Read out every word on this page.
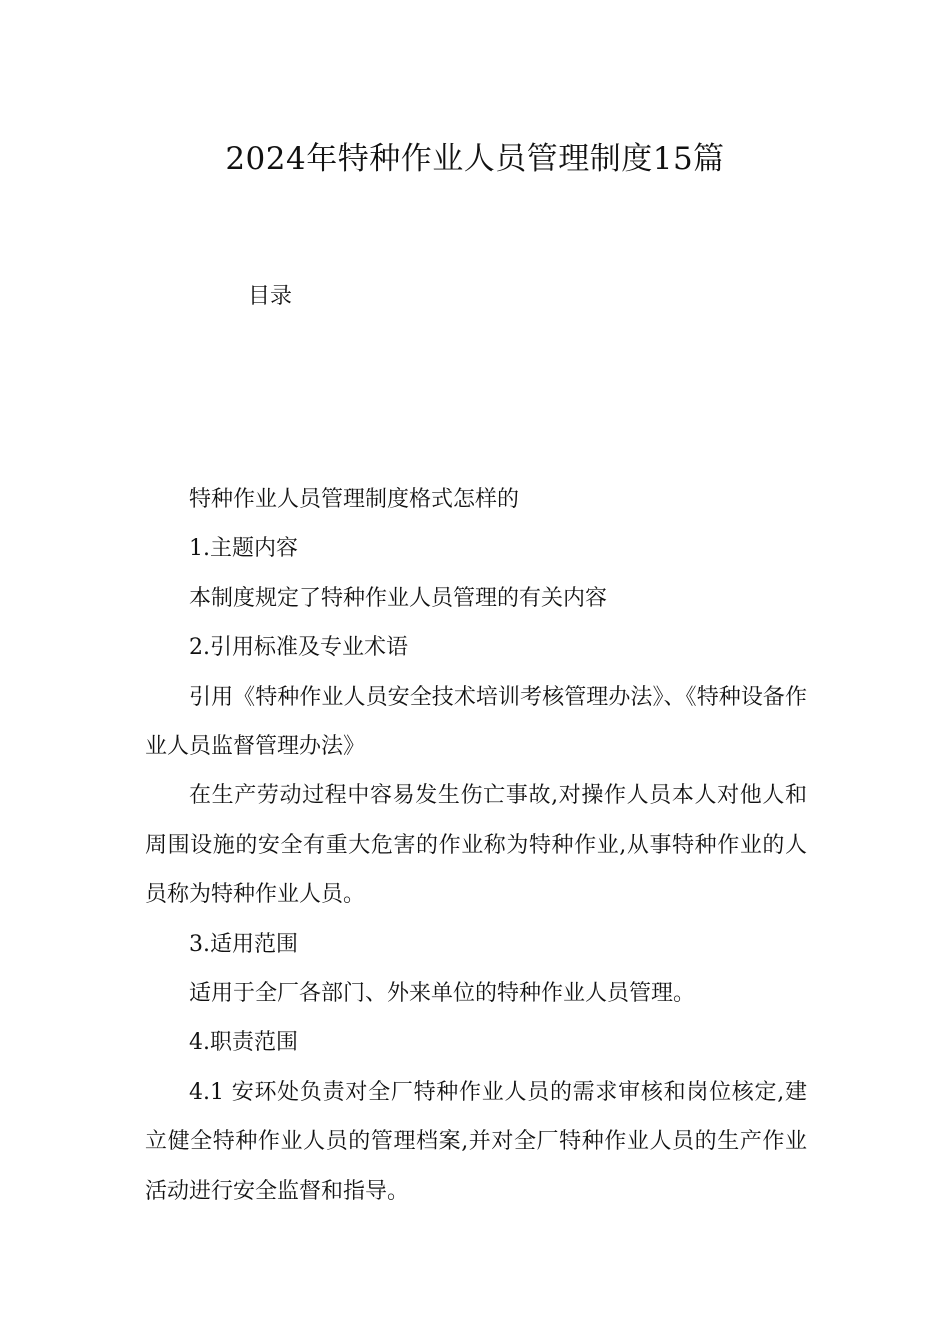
2024年特种作业人员管理制度15篇
目录

特种作业人员管理制度格式怎样的

1.主题内容

本制度规定了特种作业人员管理的有关内容

2.引用标准及专业术语

引用《特种作业人员安全技术培训考核管理办法》、《特种设备作业人员监督管理办法》

在生产劳动过程中容易发生伤亡事故,对操作人员本人对他人和周围设施的安全有重大危害的作业称为特种作业,从事特种作业的人员称为特种作业人员。

3.适用范围

适用于全厂各部门、外来单位的特种作业人员管理。

4.职责范围

4.1 安环处负责对全厂特种作业人员的需求审核和岗位核定,建立健全特种作业人员的管理档案,并对全厂特种作业人员的生产作业活动进行安全监督和指导。
